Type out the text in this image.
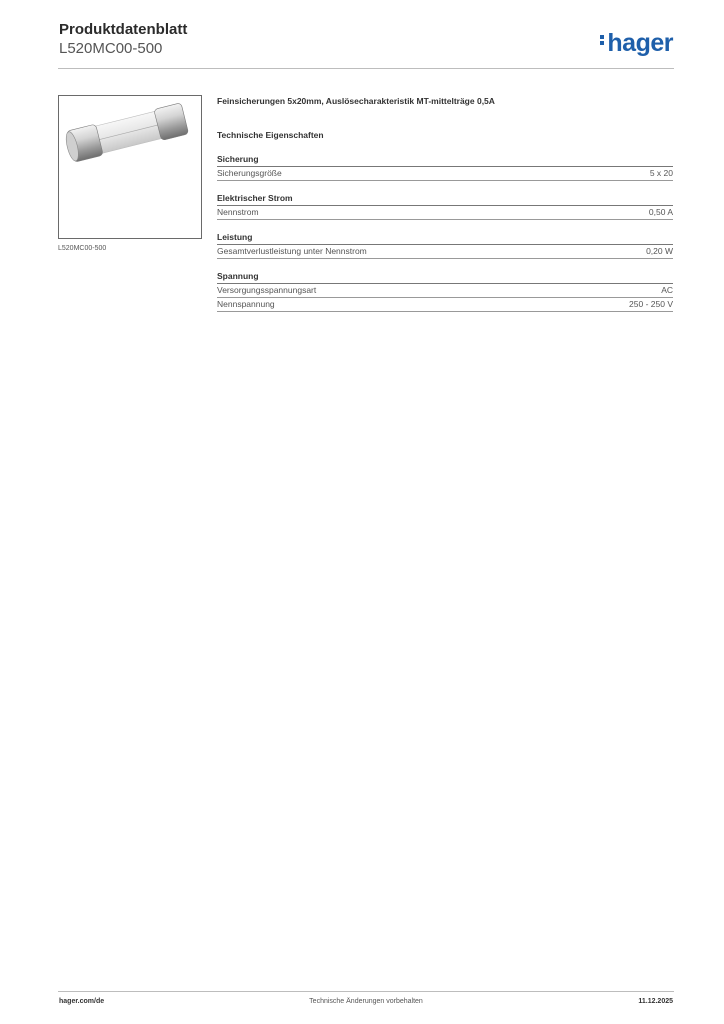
Produktdatenblatt
L520MC00-500	hager
L520MC00-500
Feinsicherungen 5x20mm, Auslösecharakteristik MT-mittelträge 0,5A
Technische Eigenschaften
Sicherung
Sicherungsgröße	5 x 20
Elektrischer Strom
Nennstrom	0,50 A
Leistung
Gesamtverlustleistung unter Nennstrom	0,20 W
Spannung
Versorgungsspannungsart	AC
Nennspannung	250 - 250 V
hager.com/de	Technische Änderungen vorbehalten	11.12.2025
